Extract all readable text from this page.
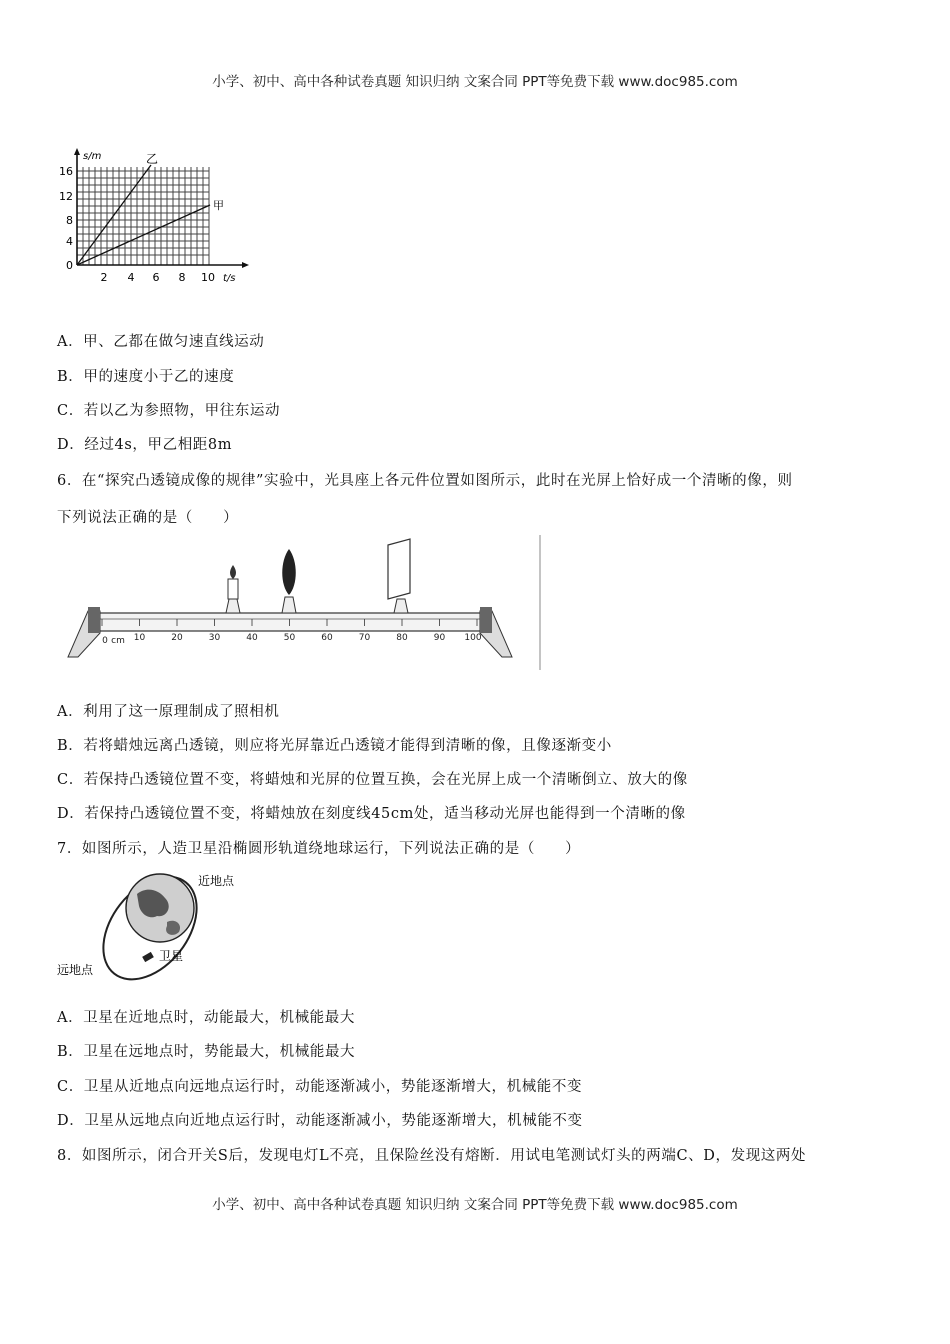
小学、初中、高中各种试卷真题 知识归纳 文案合同 PPT等免费下载 www.doc985.com
s/m
t/s
乙
甲
16
12
8
4
0
2 4 6 8 10
A．甲、乙都在做匀速直线运动
B．甲的速度小于乙的速度
C．若以乙为参照物，甲往东运动
D．经过4s，甲乙相距8m
6．在“探究凸透镜成像的规律”实验中，光具座上各元件位置如图所示，此时在光屏上恰好成一个清晰的像，则
下列说法正确的是（　　）
0 cm 10	20	30	40	50	60	70	80	90 100
A．利用了这一原理制成了照相机
B．若将蜡烛远离凸透镜，则应将光屏靠近凸透镜才能得到清晰的像，且像逐渐变小
C．若保持凸透镜位置不变，将蜡烛和光屏的位置互换，会在光屏上成一个清晰倒立、放大的像
D．若保持凸透镜位置不变，将蜡烛放在刻度线45cm处，适当移动光屏也能得到一个清晰的像
7．如图所示，人造卫星沿椭圆形轨道绕地球运行，下列说法正确的是（　　）
近地点
远地点
卫星
A．卫星在近地点时，动能最大，机械能最大
B．卫星在远地点时，势能最大，机械能最大
C．卫星从近地点向远地点运行时，动能逐渐减小，势能逐渐增大，机械能不变
D．卫星从远地点向近地点运行时，动能逐渐减小，势能逐渐增大，机械能不变
8．如图所示，闭合开关S后，发现电灯L不亮，且保险丝没有熔断．用试电笔测试灯头的两端C、D，发现这两处
小学、初中、高中各种试卷真题 知识归纳 文案合同 PPT等免费下载 www.doc985.com
